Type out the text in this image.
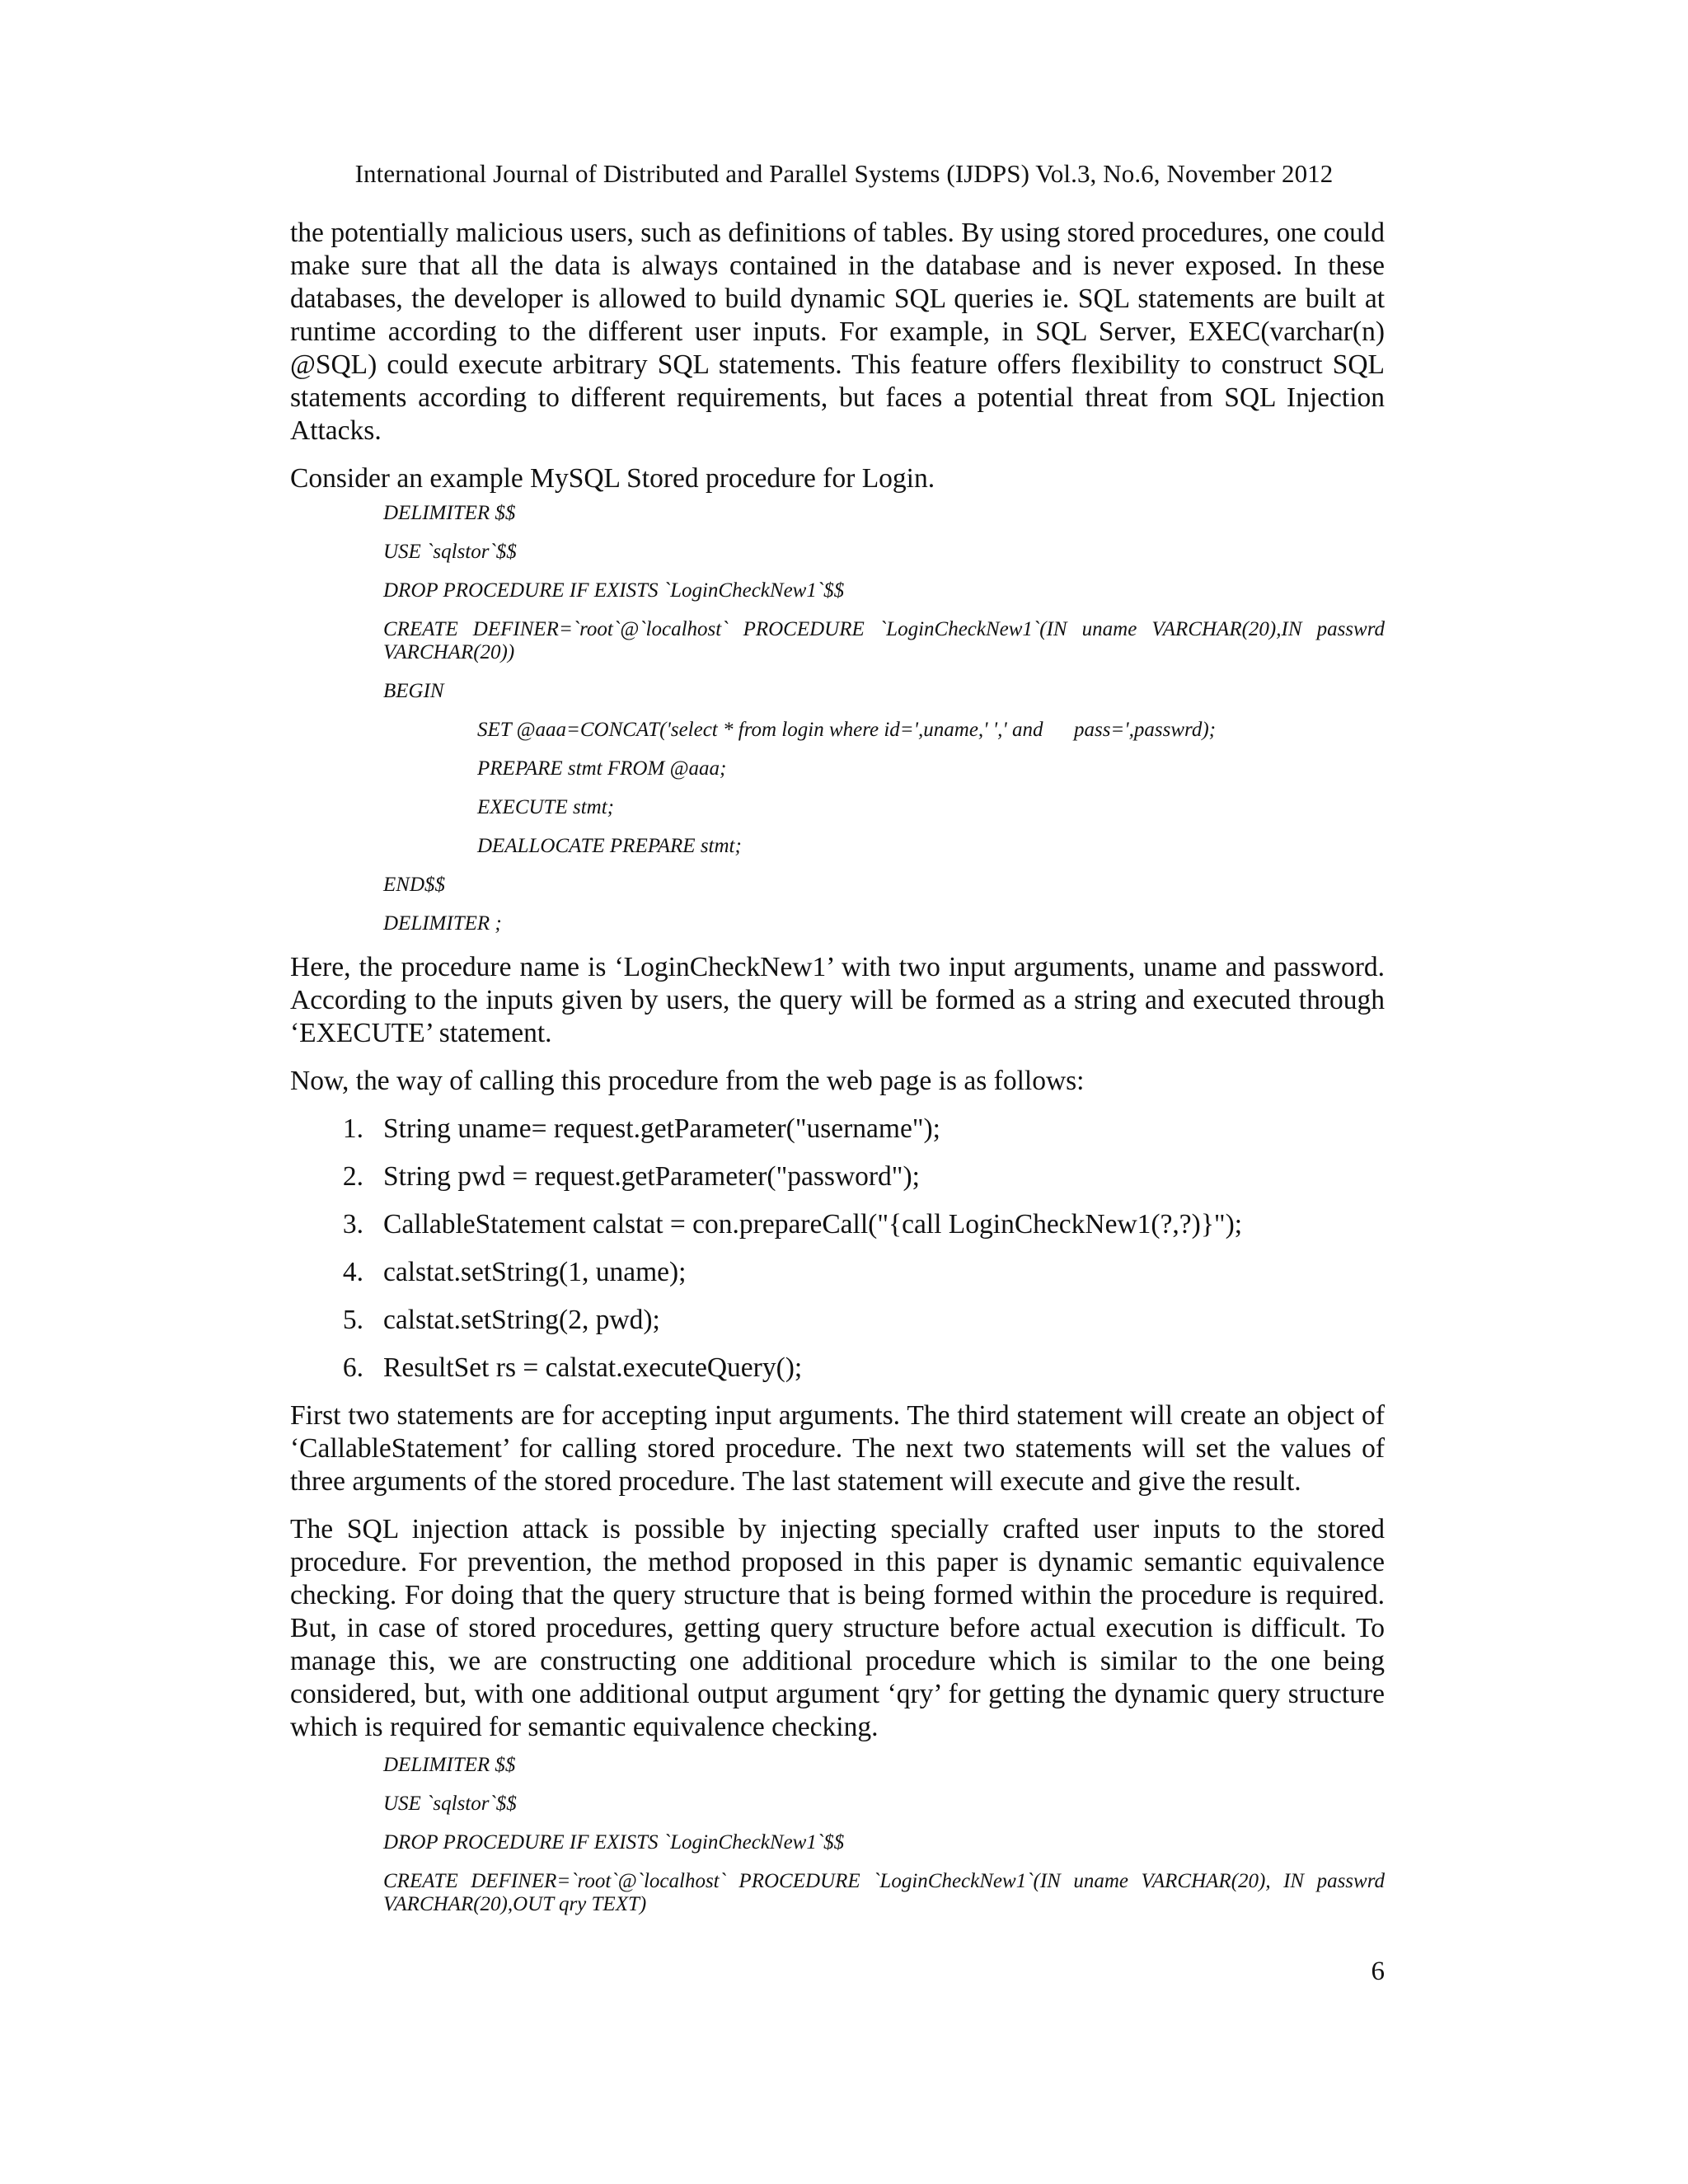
International Journal of Distributed and Parallel Systems (IJDPS) Vol.3, No.6, November 2012

the potentially malicious users, such as definitions of tables. By using stored procedures, one could make sure that all the data is always contained in the database and is never exposed. In these databases, the developer is allowed to build dynamic SQL queries ie. SQL statements are built at runtime according to the different user inputs. For example, in SQL Server, EXEC(varchar(n) @SQL) could execute arbitrary SQL statements. This feature offers flexibility to construct SQL statements according to different requirements, but faces a potential threat from SQL Injection Attacks.

Consider an example MySQL Stored procedure for Login.

DELIMITER $$
USE `sqlstor`$$
DROP PROCEDURE IF EXISTS `LoginCheckNew1`$$
CREATE DEFINER=`root`@`localhost` PROCEDURE `LoginCheckNew1`(IN uname VARCHAR(20),IN passwrd VARCHAR(20))
BEGIN
SET @aaa=CONCAT('select * from login where id=',uname,' ',' and      pass=',passwrd);
PREPARE stmt FROM @aaa;
EXECUTE stmt;
DEALLOCATE PREPARE stmt;
END$$
DELIMITER ;

Here, the procedure name is ‘LoginCheckNew1’ with two input arguments, uname and password. According to the inputs given by users, the query will be formed as a string and executed through ‘EXECUTE’ statement.

Now, the way of calling this procedure from the web page is as follows:

1. String uname= request.getParameter("username");
2. String pwd = request.getParameter("password");
3. CallableStatement calstat = con.prepareCall("{call LoginCheckNew1(?,?)}");
4. calstat.setString(1, uname);
5. calstat.setString(2, pwd);
6. ResultSet rs = calstat.executeQuery();

First two statements are for accepting input arguments. The third statement will create an object of ‘CallableStatement’ for calling stored procedure. The next two statements will set the values of three arguments of the stored procedure. The last statement will execute and give the result.

The SQL injection attack is possible by injecting specially crafted user inputs to the stored procedure. For prevention, the method proposed in this paper is dynamic semantic equivalence checking. For doing that the query structure that is being formed within the procedure is required. But, in case of stored procedures, getting query structure before actual execution is difficult. To manage this, we are constructing one additional procedure which is similar to the one being considered, but, with one additional output argument ‘qry’ for getting the dynamic query structure which is required for semantic equivalence checking.

DELIMITER $$
USE `sqlstor`$$
DROP PROCEDURE IF EXISTS `LoginCheckNew1`$$
CREATE DEFINER=`root`@`localhost` PROCEDURE `LoginCheckNew1`(IN uname VARCHAR(20), IN passwrd VARCHAR(20),OUT qry TEXT)
6
